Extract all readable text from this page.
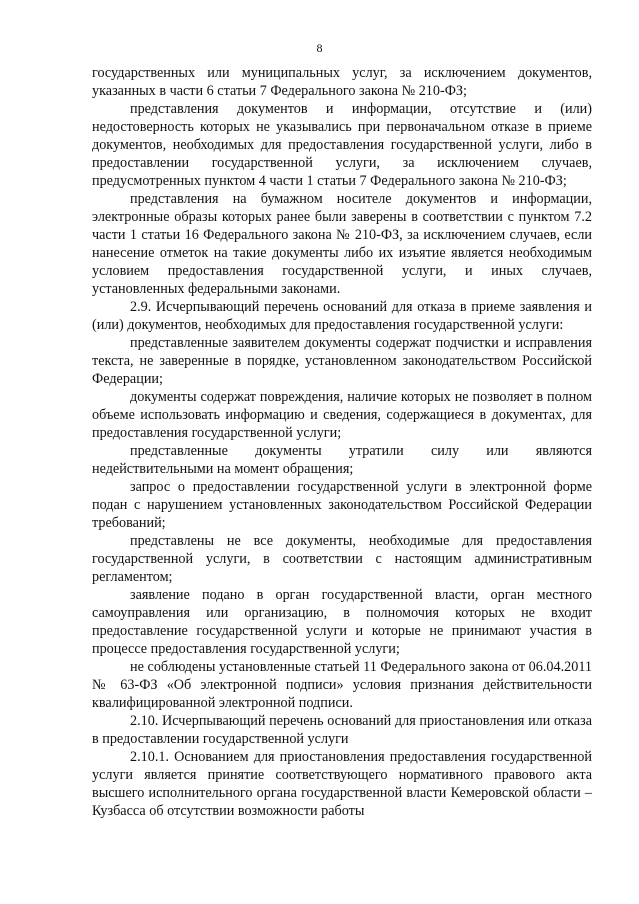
8

государственных или муниципальных услуг, за исключением документов, указанных в части 6 статьи 7 Федерального закона № 210-ФЗ;

представления документов и информации, отсутствие и (или) недостоверность которых не указывались при первоначальном отказе в приеме документов, необходимых для предоставления государственной услуги, либо в предоставлении государственной услуги, за исключением случаев, предусмотренных пунктом 4 части 1 статьи 7 Федерального закона № 210-ФЗ;

представления на бумажном носителе документов и информации, электронные образы которых ранее были заверены в соответствии с пунктом 7.2 части 1 статьи 16 Федерального закона № 210-ФЗ, за исключением случаев, если нанесение отметок на такие документы либо их изъятие является необходимым условием предоставления государственной услуги, и иных случаев, установленных федеральными законами.

2.9. Исчерпывающий перечень оснований для отказа в приеме заявления и (или) документов, необходимых для предоставления государственной услуги:

представленные заявителем документы содержат подчистки и исправления текста, не заверенные в порядке, установленном законодательством Российской Федерации;

документы содержат повреждения, наличие которых не позволяет в полном объеме использовать информацию и сведения, содержащиеся в документах, для предоставления государственной услуги;

представленные документы утратили силу или являются недействительными на момент обращения;

запрос о предоставлении государственной услуги в электронной форме подан с нарушением установленных законодательством Российской Федерации требований;

представлены не все документы, необходимые для предоставления государственной услуги, в соответствии с настоящим административным регламентом;

заявление подано в орган государственной власти, орган местного самоуправления или организацию, в полномочия которых не входит предоставление государственной услуги и которые не принимают участия в процессе предоставления государственной услуги;

не соблюдены установленные статьей 11 Федерального закона от 06.04.2011 № 63-ФЗ «Об электронной подписи» условия признания действительности квалифицированной электронной подписи.

2.10. Исчерпывающий перечень оснований для приостановления или отказа в предоставлении государственной услуги

2.10.1. Основанием для приостановления предоставления государственной услуги является принятие соответствующего нормативного правового акта высшего исполнительного органа государственной власти Кемеровской области – Кузбасса об отсутствии возможности работы
